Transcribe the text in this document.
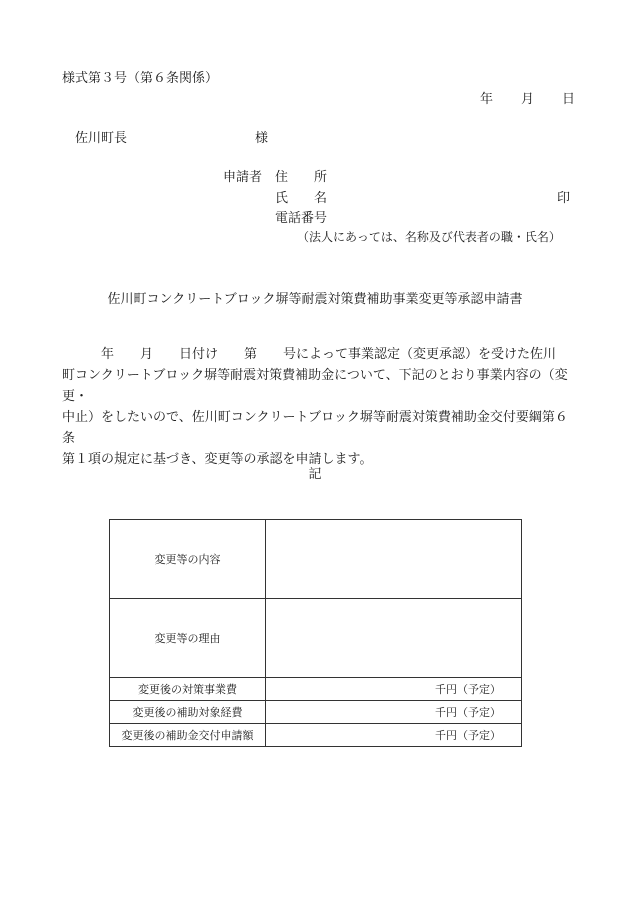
様式第３号（第６条関係）
年 月 日
佐川町長	様
申請者 住　　所
氏　　名	印
電話番号
（法人にあっては、名称及び代表者の職・氏名）
佐川町コンクリートブロック塀等耐震対策費補助事業変更等承認申請書

　　　年　　月　　日付け　　第　　号によって事業認定（変更承認）を受けた佐川

町コンクリートブロック塀等耐震対策費補助金について、下記のとおり事業内容の（変更・

中止）をしたいので、佐川町コンクリートブロック塀等耐震対策費補助金交付要綱第６条

第１項の規定に基づき、変更等の承認を申請します。

記
変更等の内容	
変更等の理由	
変更後の対策事業費	千円（予定）
変更後の補助対象経費	千円（予定）
変更後の補助金交付申請額	千円（予定）
